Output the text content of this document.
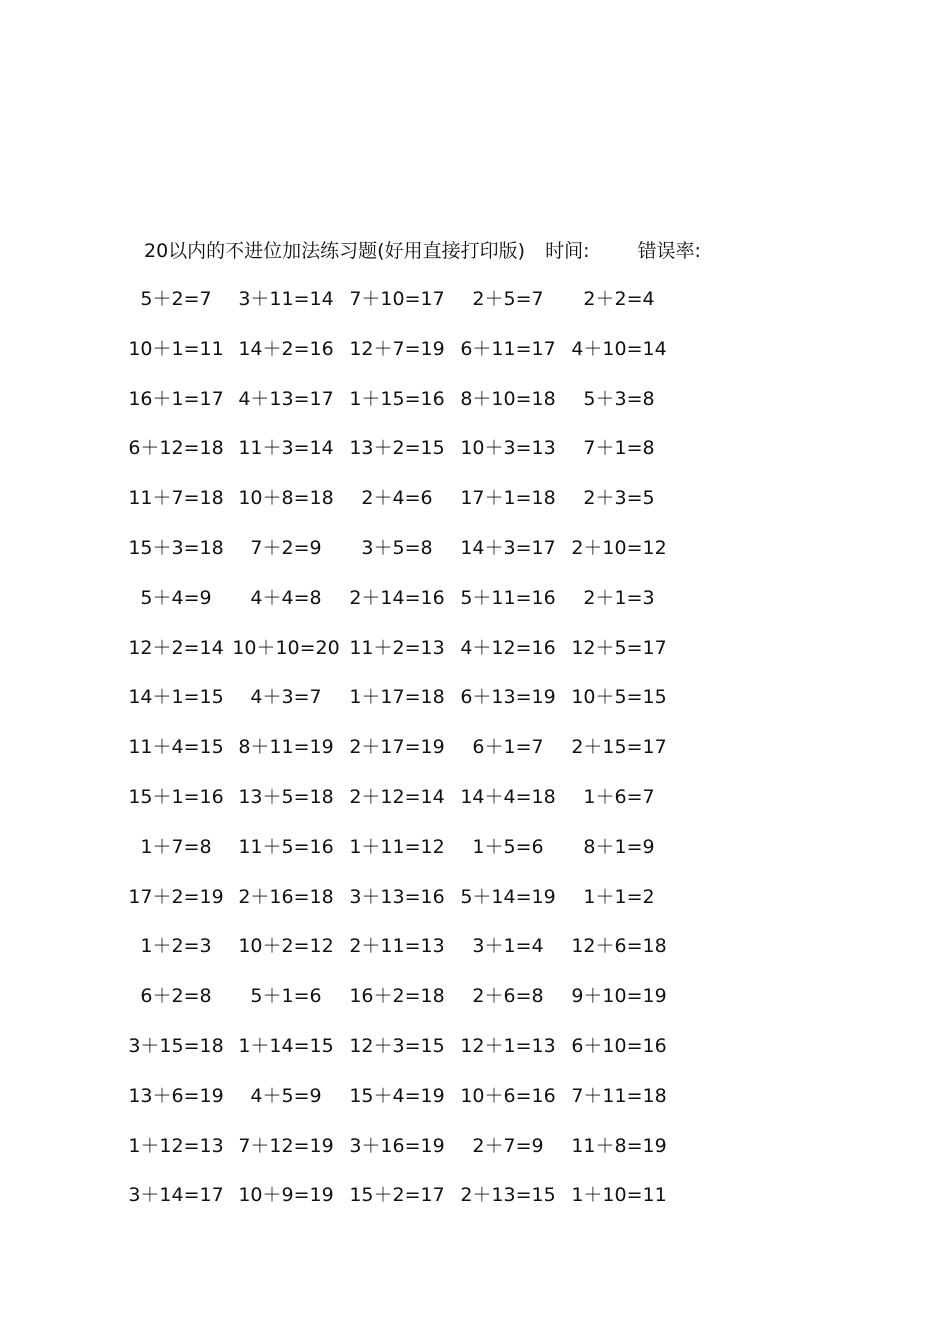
20以内的不进位加法练习题(好用直接打印版) 时间:	错误率:
5＋2=7	3＋11=14 7＋10=17	2＋5=7	2＋2=4
10＋1=11 14＋2=16 12＋7=19 6＋11=17 4＋10=14
16＋1=17 4＋13=17 1＋15=16 8＋10=18	5＋3=8
6＋12=18 11＋3=14 13＋2=15 10＋3=13	7＋1=8
11＋7=18 10＋8=18	2＋4=6	17＋1=18	2＋3=5
15＋3=18	7＋2=9	3＋5=8	14＋3=17 2＋10=12
5＋4=9	4＋4=8	2＋14=16 5＋11=16	2＋1=3
12＋2=14 10＋10=20 11＋2=13 4＋12=16 12＋5=17
14＋1=15	4＋3=7	1＋17=18 6＋13=19 10＋5=15
11＋4=15 8＋11=19 2＋17=19	6＋1=7	2＋15=17
15＋1=16 13＋5=18 2＋12=14 14＋4=18	1＋6=7
1＋7=8	11＋5=16 1＋11=12	1＋5=6	8＋1=9
17＋2=19 2＋16=18 3＋13=16 5＋14=19	1＋1=2
1＋2=3	10＋2=12 2＋11=13	3＋1=4	12＋6=18
6＋2=8	5＋1=6	16＋2=18	2＋6=8	9＋10=19
3＋15=18 1＋14=15 12＋3=15 12＋1=13 6＋10=16
13＋6=19	4＋5=9	15＋4=19 10＋6=16 7＋11=18
1＋12=13 7＋12=19 3＋16=19	2＋7=9	11＋8=19
3＋14=17 10＋9=19 15＋2=17 2＋13=15 1＋10=11
